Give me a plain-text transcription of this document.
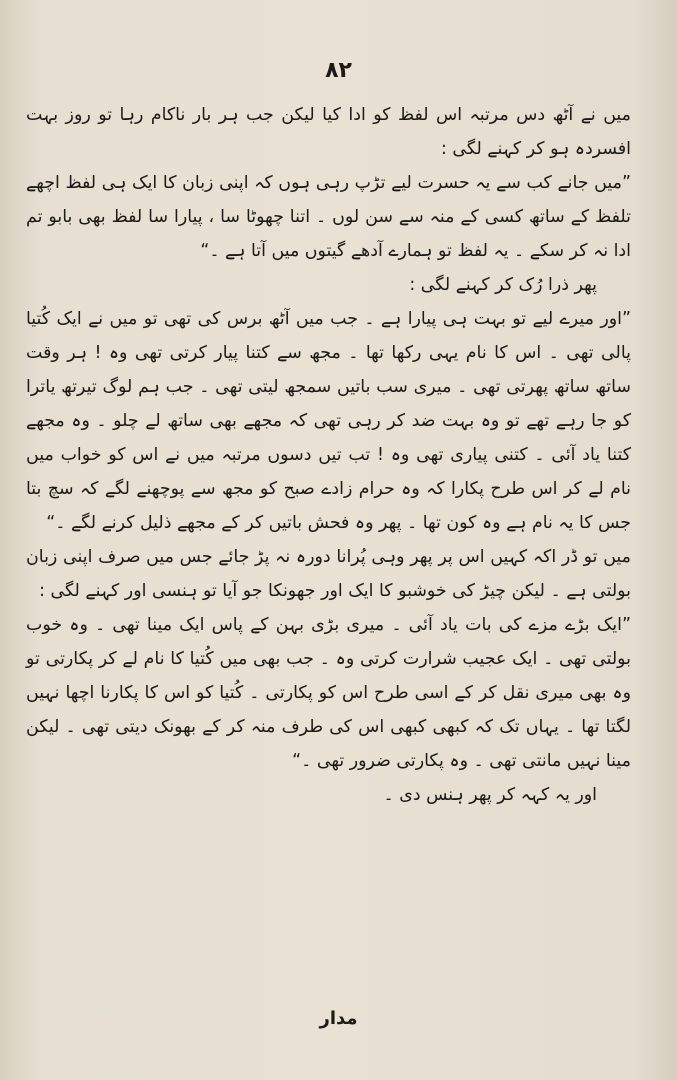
۸۲

میں نے آٹھ دس مرتبہ اس لفظ کو ادا کیا لیکن جب ہر بار ناکام رہا تو روز بہت افسردہ ہو کر کہنے لگی :

”میں جانے کب سے یہ حسرت لیے تڑپ رہی ہوں کہ اپنی زبان کا ایک ہی لفظ اچھے تلفظ کے ساتھ کسی کے منہ سے سن لوں ۔ اتنا چھوٹا سا ، پیارا سا لفظ بھی بابو تم ادا نہ کر سکے ۔ یہ لفظ تو ہمارے آدھے گیتوں میں آتا ہے ۔“

پھر ذرا رُک کر کہنے لگی :

”اور میرے لیے تو بہت ہی پیارا ہے ۔ جب میں آٹھ برس کی تھی تو میں نے ایک کُتیا پالی تھی ۔ اس کا نام یہی رکھا تھا ۔ مجھ سے کتنا پیار کرتی تھی وہ ! ہر وقت ساتھ ساتھ پھرتی تھی ۔ میری سب باتیں سمجھ لیتی تھی ۔ جب ہم لوگ تیرتھ یاترا کو جا رہے تھے تو وہ بہت ضد کر رہی تھی کہ مجھے بھی ساتھ لے چلو ۔ وہ مجھے کتنا یاد آئی ۔ کتنی پیاری تھی وہ ! تب تیں دسوں مرتبہ میں نے اس کو خواب میں نام لے کر اس طرح پکارا کہ وہ حرام زادے صبح کو مجھ سے پوچھنے لگے کہ سچ بتا جس کا یہ نام ہے وہ کون تھا ۔ پھر وہ فحش باتیں کر کے مجھے ذلیل کرنے لگے ۔“

میں تو ڈر اکہ کہیں اس پر پھر وہی پُرانا دورہ نہ پڑ جائے جس میں صرف اپنی زبان بولتی ہے ۔ لیکن چیڑ کی خوشبو کا ایک اور جھونکا جو آیا تو ہنسی اور کہنے لگی :

”ایک بڑے مزے کی بات یاد آئی ۔ میری بڑی بہن کے پاس ایک مینا تھی ۔ وہ خوب بولتی تھی ۔ ایک عجیب شرارت کرتی وہ ۔ جب بھی میں کُتیا کا نام لے کر پکارتی تو وہ بھی میری نقل کر کے اسی طرح اس کو پکارتی ۔ کُتیا کو اس کا پکارنا اچھا نہیں لگتا تھا ۔ یہاں تک کہ کبھی کبھی اس کی طرف منہ کر کے بھونک دیتی تھی ۔ لیکن مینا نہیں مانتی تھی ۔ وہ پکارتی ضرور تھی ۔“

اور یہ کہہ کر پھر ہنس دی ۔

مدار
